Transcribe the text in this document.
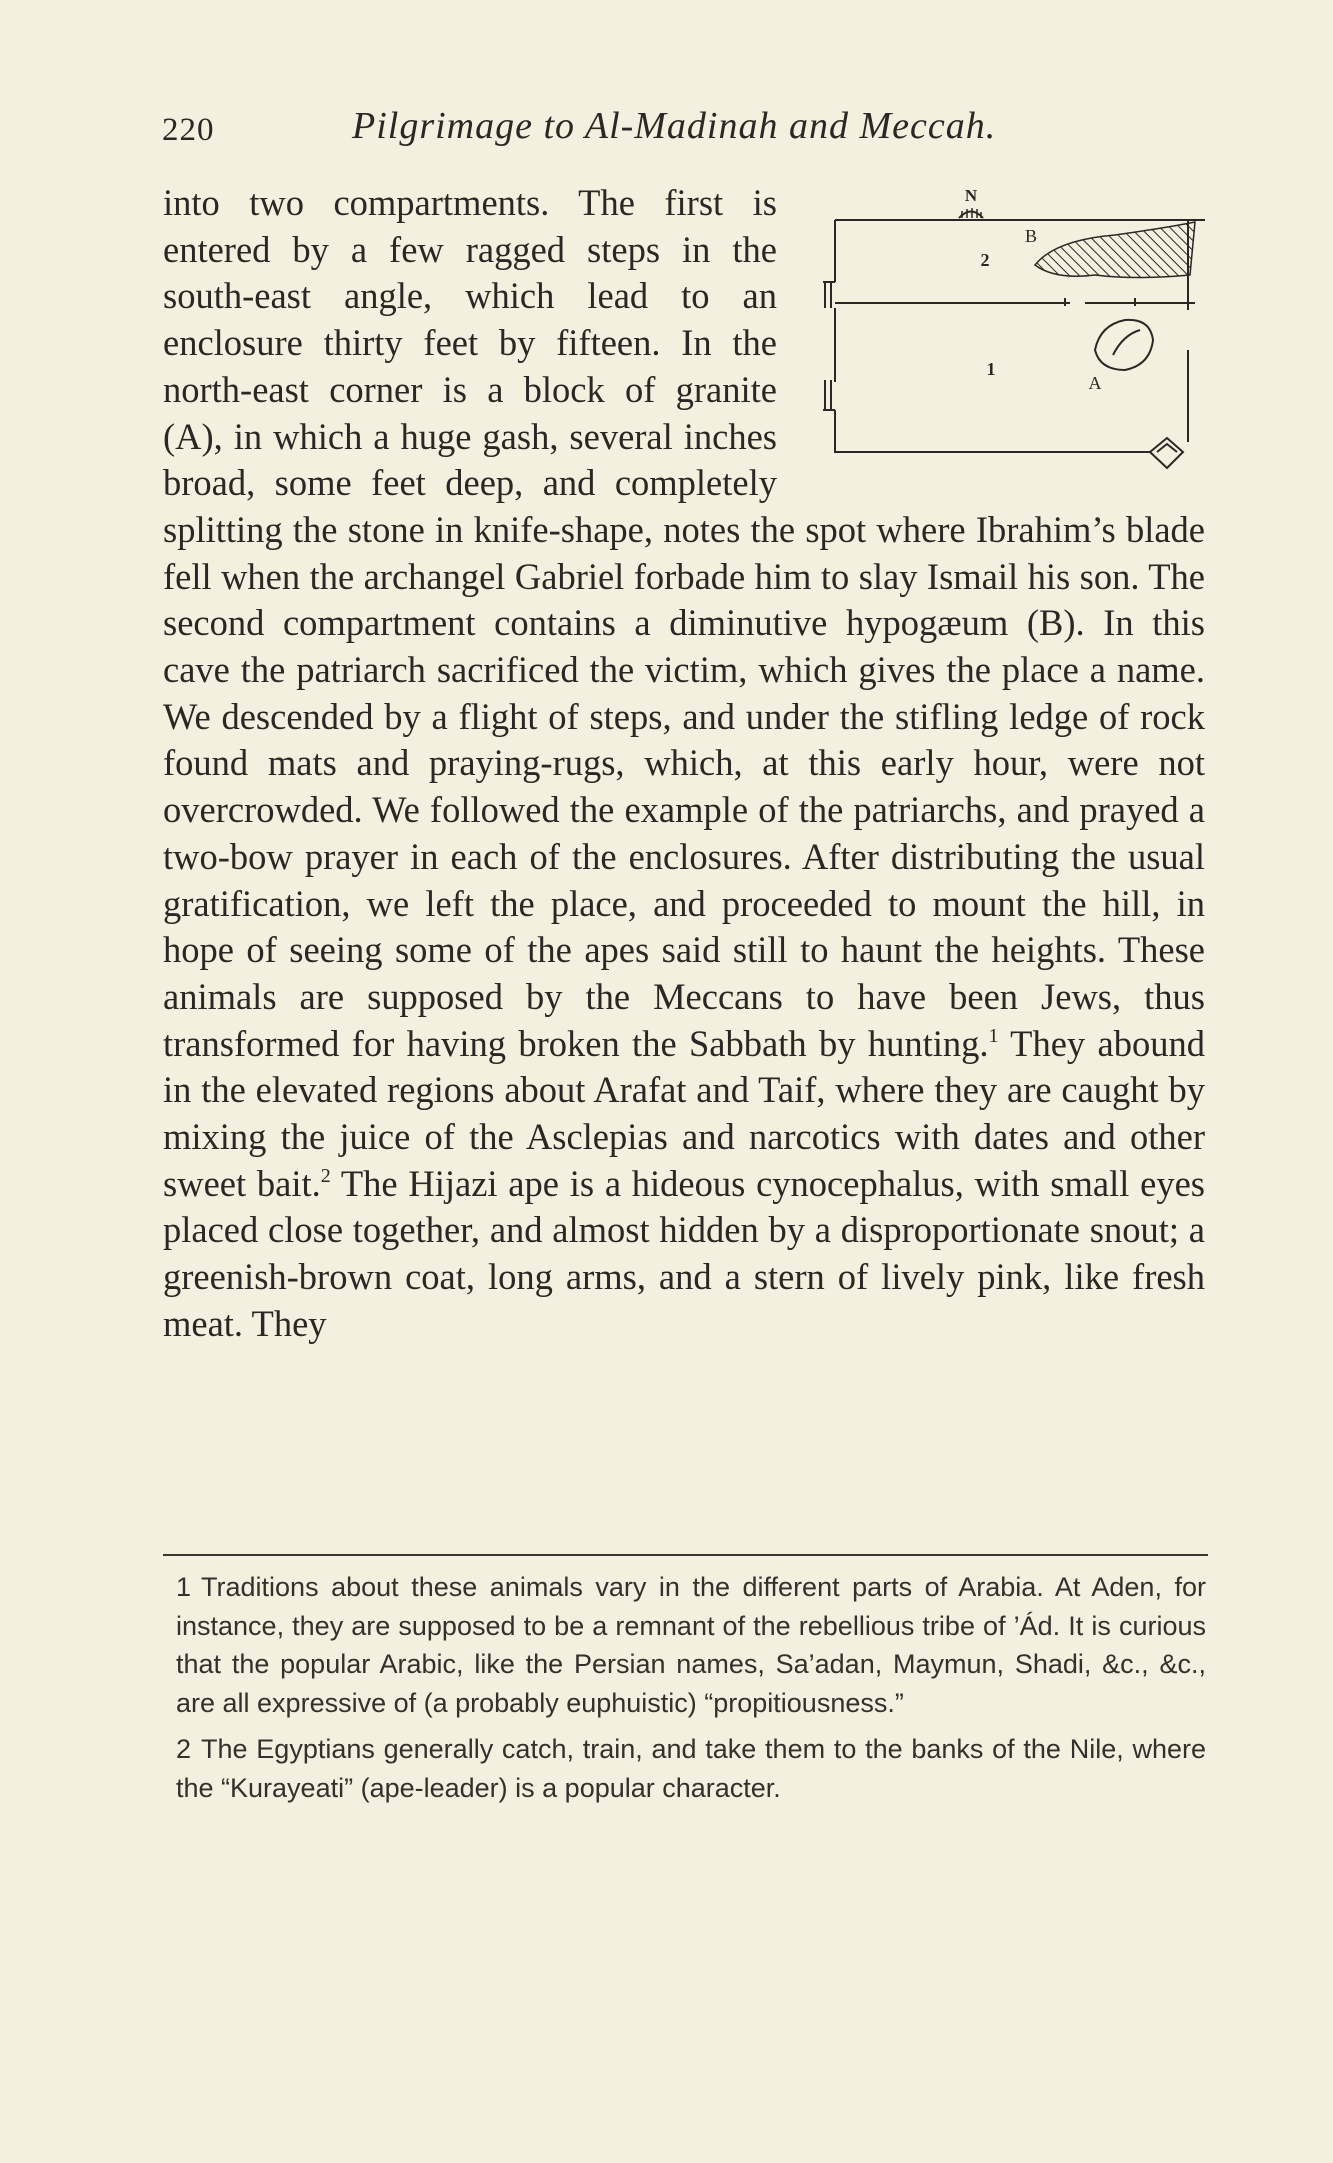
220	Pilgrimage to Al-Madinah and Meccah.
N
2
1
B
A

into two compartments. The first is entered by a few ragged steps in the south-east angle, which lead to an enclosure thirty feet by fifteen. In the north-east corner is a block of granite (A), in which a huge gash, several inches broad, some feet deep, and completely splitting the stone in knife-shape, notes the spot where Ibrahim’s blade fell when the archangel Gabriel forbade him to slay Ismail his son. The second compartment contains a diminutive hypogæum (B). In this cave the patriarch sacrificed the victim, which gives the place a name. We descended by a flight of steps, and under the stifling ledge of rock found mats and praying-rugs, which, at this early hour, were not overcrowded. We followed the example of the patriarchs, and prayed a two-bow prayer in each of the enclosures. After distributing the usual gratification, we left the place, and proceeded to mount the hill, in hope of seeing some of the apes said still to haunt the heights. These animals are supposed by the Meccans to have been Jews, thus transformed for having broken the Sabbath by hunting.$^1$ They abound in the elevated regions about Arafat and Taif, where they are caught by mixing the juice of the Asclepias and narcotics with dates and other sweet bait.$^2$ The Hijazi ape is a hideous cynocephalus, with small eyes placed close together, and almost hidden by a disproportionate snout; a greenish-brown coat, long arms, and a stern of lively pink, like fresh meat. They

1 Traditions about these animals vary in the different parts of Arabia. At Aden, for instance, they are supposed to be a remnant of the rebellious tribe of ’Ád. It is curious that the popular Arabic, like the Persian names, Sa’adan, Maymun, Shadi, &c., &c., are all expressive of (a probably euphuistic) “propitiousness.”

2 The Egyptians generally catch, train, and take them to the banks of the Nile, where the “Kurayeati” (ape-leader) is a popular character.
